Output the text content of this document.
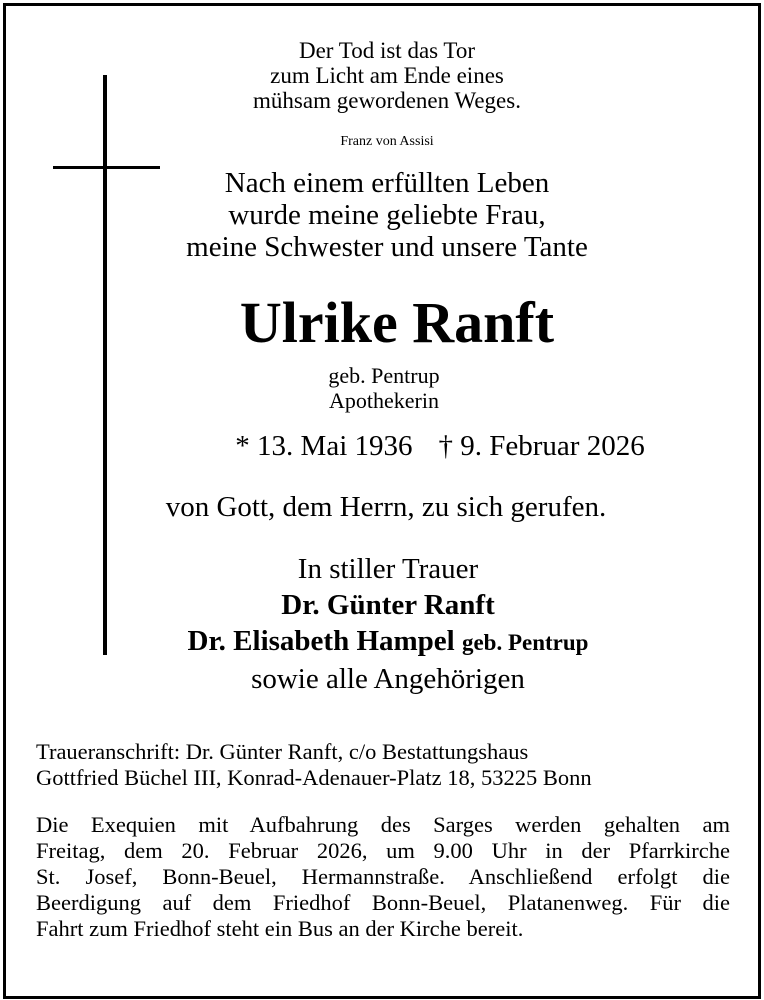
Der Tod ist das Tor
zum Licht am Ende eines
mühsam gewordenen Weges.
Franz von Assisi
Nach einem erfüllten Leben
wurde meine geliebte Frau,
meine Schwester und unsere Tante
Ulrike Ranft
geb. Pentrup
Apothekerin
* 13. Mai 1936 † 9. Februar 2026
von Gott, dem Herrn, zu sich gerufen.
In stiller Trauer
Dr. Günter Ranft
Dr. Elisabeth Hampel geb. Pentrup
sowie alle Angehörigen
Traueranschrift: Dr. Günter Ranft, c/o Bestattungshaus
Gottfried Büchel III, Konrad-Adenauer-Platz 18, 53225 Bonn
Die Exequien mit Aufbahrung des Sarges werden gehalten am
Freitag, dem 20. Februar 2026, um 9.00 Uhr in der Pfarrkirche
St. Josef, Bonn-Beuel, Hermannstraße. Anschließend erfolgt die
Beerdigung auf dem Friedhof Bonn-Beuel, Platanenweg. Für die
Fahrt zum Friedhof steht ein Bus an der Kirche bereit.
